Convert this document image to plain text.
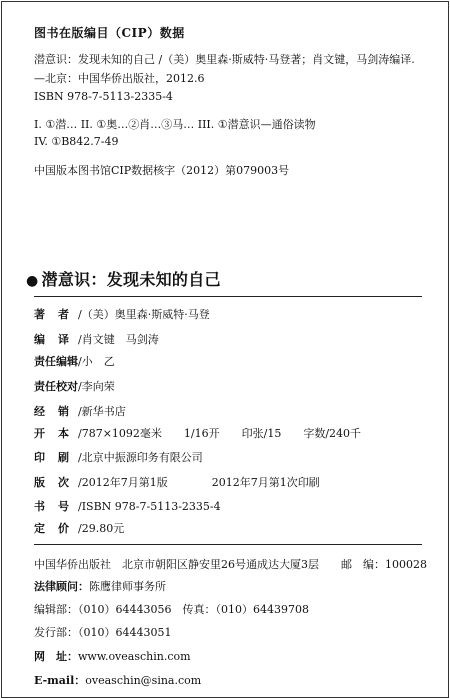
图书在版编目（CIP）数据
潜意识：发现未知的自己 /（美）奥里森·斯威特·马登著；肖文键，马剑涛编译. —北京：中国华侨出版社，2012.6
ISBN 978-7-5113-2335-4
I. ①潜… II. ①奥…②肖…③马… III. ①潜意识—通俗读物
IV. ①B842.7-49
中国版本图书馆CIP数据核字（2012）第079003号
● 潜意识：发现未知的自己
著 者 /（美）奥里森·斯威特·马登
编 译 /肖文键　马剑涛
责任编辑/小　乙
责任校对/李向荣
经 销 /新华书店
开 本 /787×1092毫米　　1/16开　　印张/15　　字数/240千
印 刷 /北京中振源印务有限公司
版 次 /2012年7月第1版　　　　2012年7月第1次印刷
书 号 /ISBN 978-7-5113-2335-4
定 价 /29.80元
中国华侨出版社　北京市朝阳区静安里26号通成达大厦3层　　邮　编：100028
法律顾问：陈鹰律师事务所
编辑部：（010）64443056　传真：（010）64439708
发行部：（010）64443051
网　址：www.oveaschin.com
E-mail：oveaschin@sina.com
